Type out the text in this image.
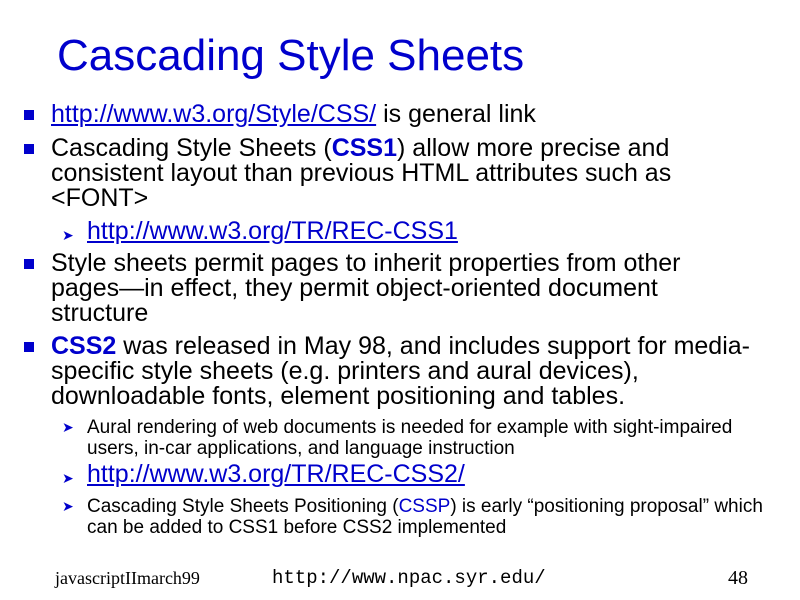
Cascading Style Sheets
http://www.w3.org/Style/CSS/ is general link
Cascading Style Sheets (CSS1) allow more precise and consistent layout than previous HTML attributes such as <FONT>
➤ http://www.w3.org/TR/REC-CSS1
Style sheets permit pages to inherit properties from other pages—in effect, they permit object-oriented document structure
CSS2 was released in May 98, and includes support for media-specific style sheets (e.g. printers and aural devices), downloadable fonts, element positioning and tables.
➤ Aural rendering of web documents is needed for example with sight-impaired users, in-car applications, and language instruction
➤ http://www.w3.org/TR/REC-CSS2/
➤ Cascading Style Sheets Positioning (CSSP) is early “positioning proposal” which can be added to CSS1 before CSS2 implemented
javascriptIImarch99	http://www.npac.syr.edu/	48
